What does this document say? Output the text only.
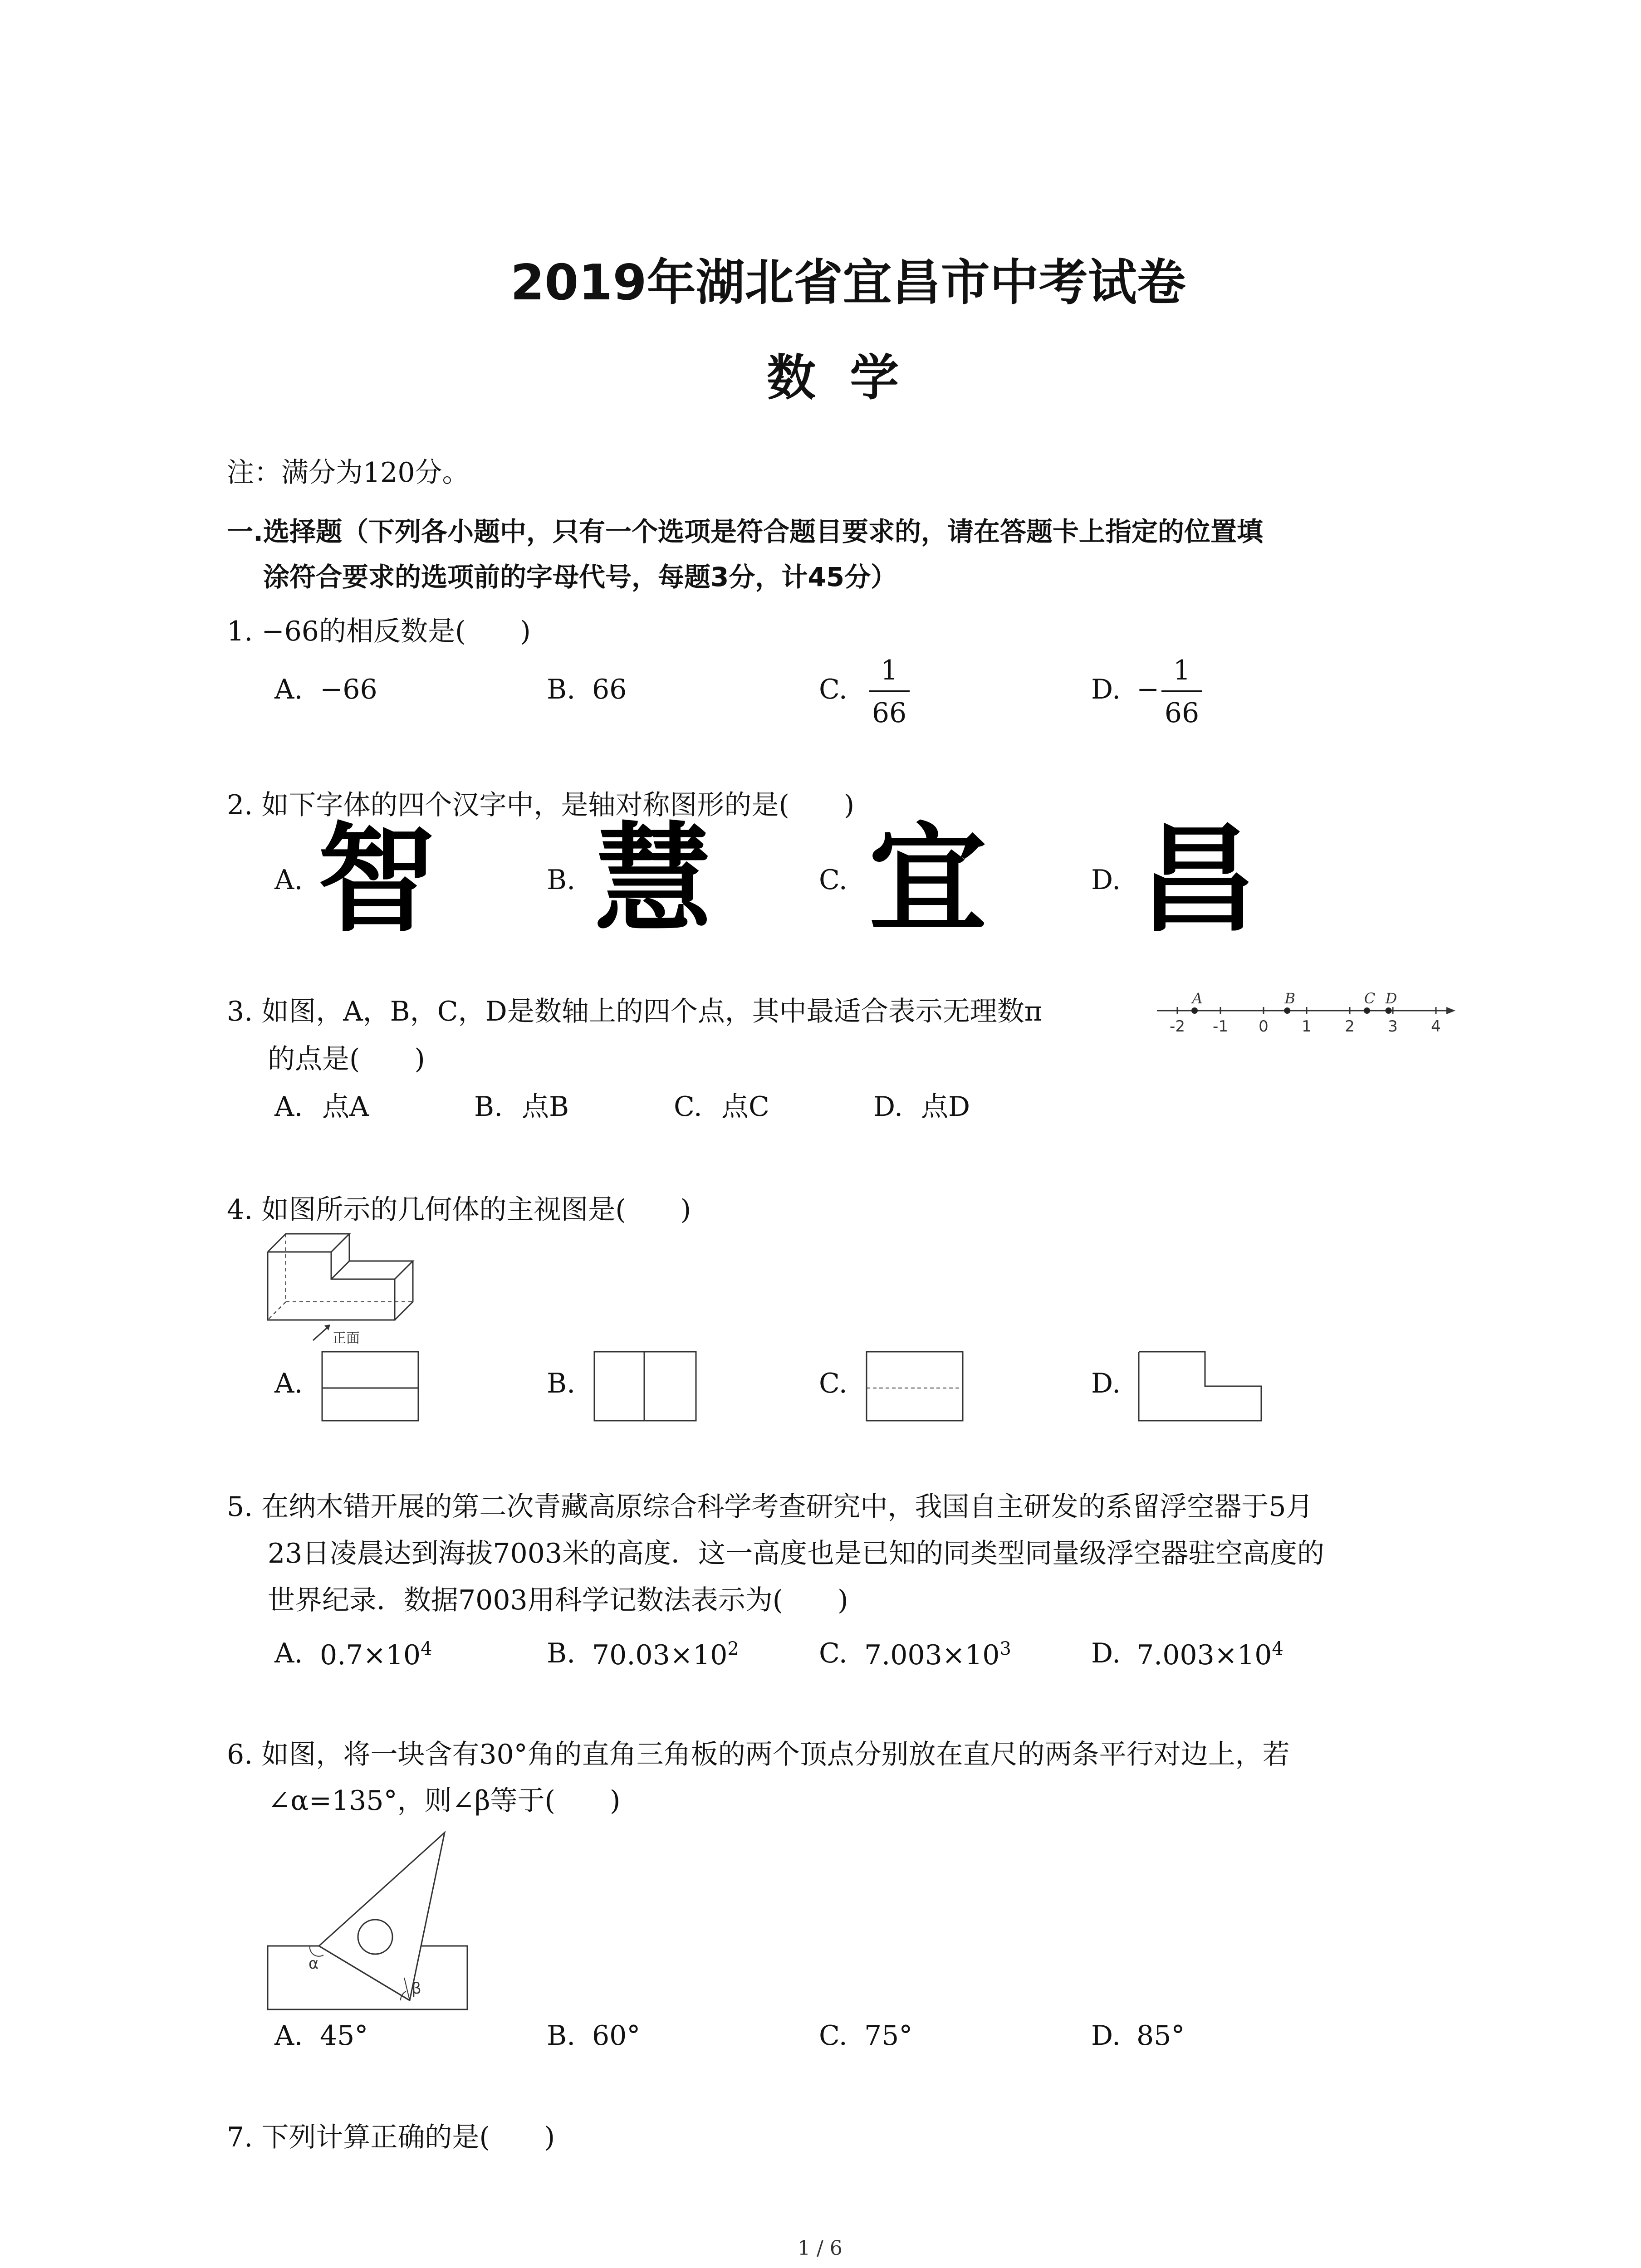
2019年湖北省宜昌市中考试卷
数  学
注：满分为120分。
一.选择题（下列各小题中，只有一个选项是符合题目要求的，请在答题卡上指定的位置填
涂符合要求的选项前的字母代号，每题3分，计45分）
1. −66的相反数是(　　)
A. −66	B. 66	C. $\frac{1}{66}$	D. − $\frac{1}{66}$
2. 如下字体的四个汉字中，是轴对称图形的是(　　)
A. 智	B. 慧	C. 宜	D. 昌
3. 如图，A，B，C，D是数轴上的四个点，其中最适合表示无理数π
的点是(　　)
-2 -1 0 1 2 3 4
A	B	C D
A. 点A	B. 点B	C. 点C	D. 点D
4. 如图所示的几何体的主视图是(　　)
正面
A.	B.	C.	D.
5. 在纳木错开展的第二次青藏高原综合科学考查研究中，我国自主研发的系留浮空器于5月
23日凌晨达到海拔7003米的高度．这一高度也是已知的同类型同量级浮空器驻空高度的
世界纪录．数据7003用科学记数法表示为(　　)
A. $0.7\times 10^4$	B. $70.03\times 10^2$	C. $7.003\times 10^3$	D. $7.003\times 10^4$
6. 如图，将一块含有30°角的直角三角板的两个顶点分别放在直尺的两条平行对边上，若
∠α=135°，则∠β等于(　　)
α
β
A. 45°	B. 60°	C. 75°	D. 85°
7. 下列计算正确的是(　　)
1 / 6
